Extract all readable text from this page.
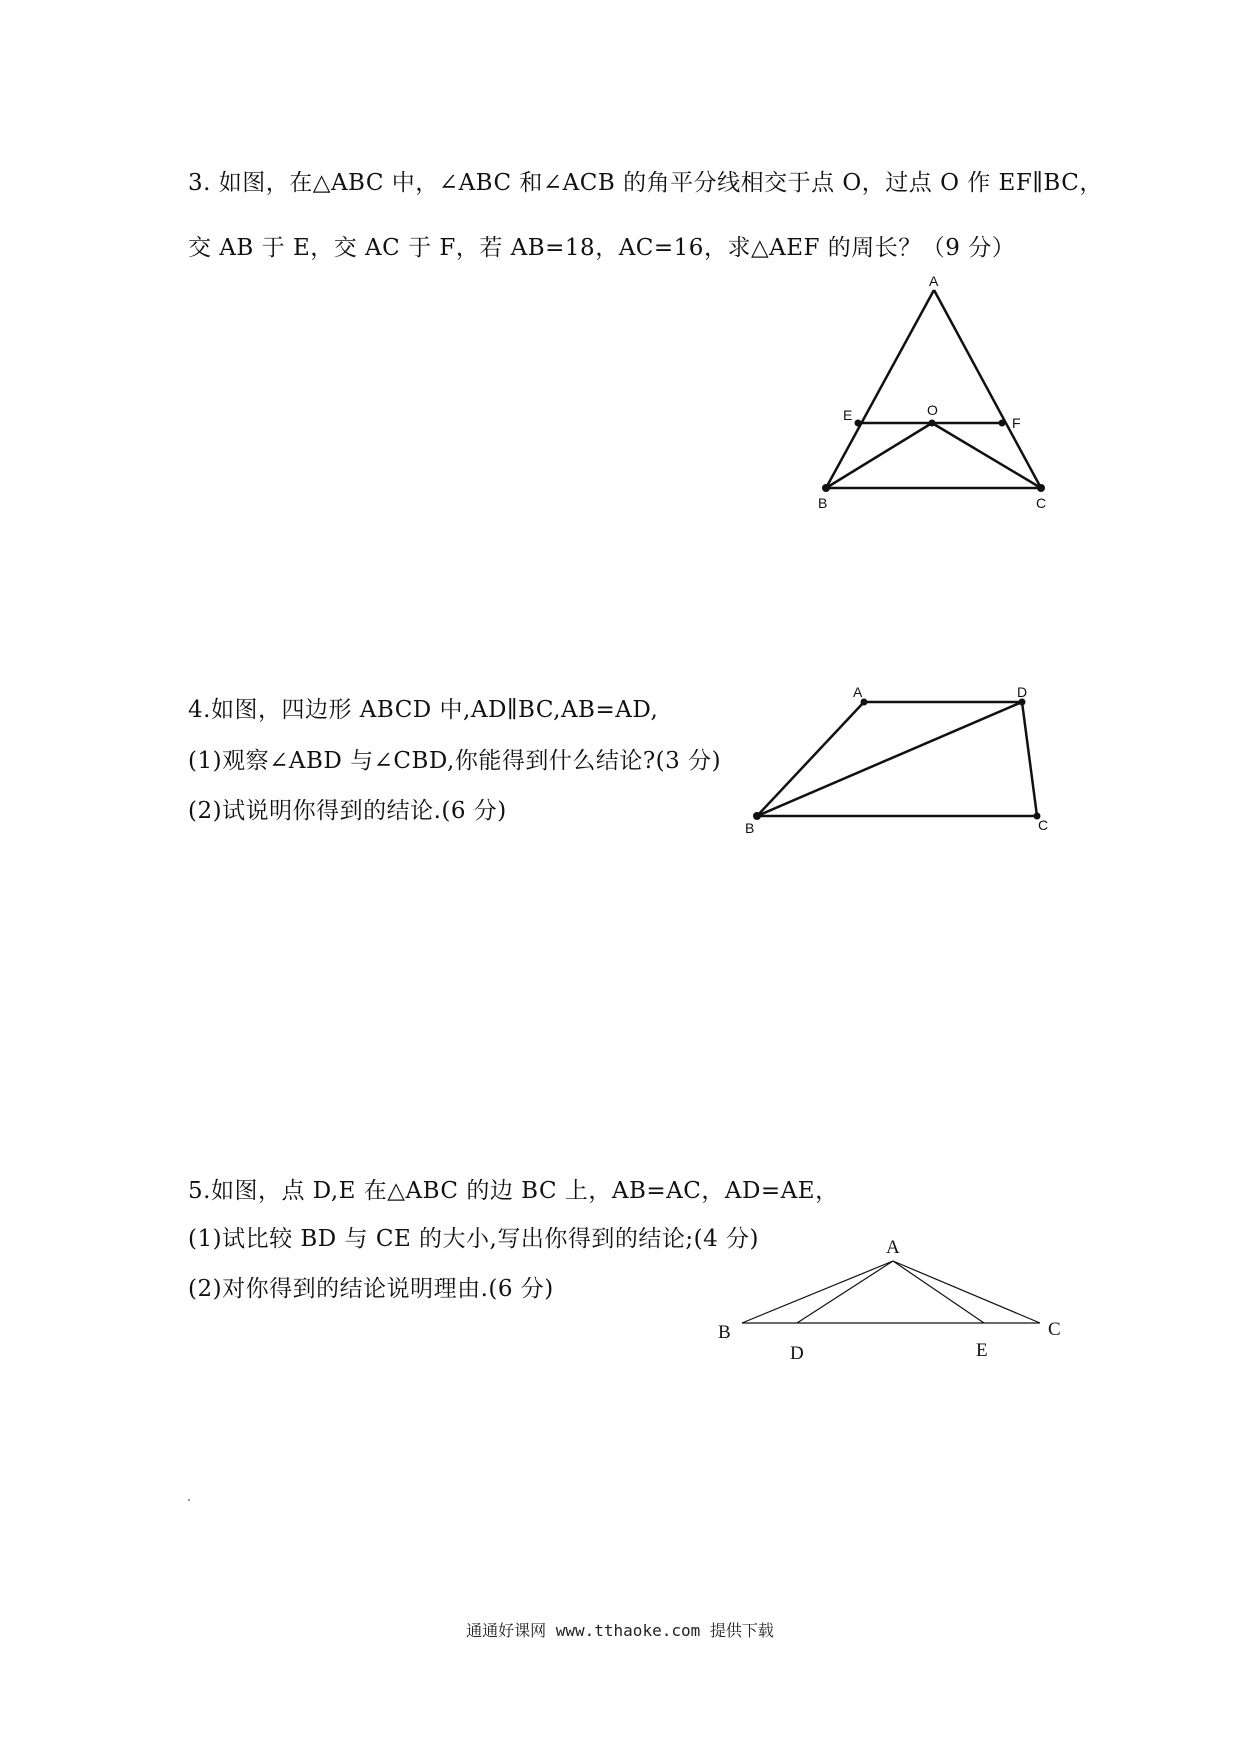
3. 如图，在△ABC 中，∠ABC 和∠ACB 的角平分线相交于点 O，过点 O 作 EF∥BC，
交 AB 于 E，交 AC 于 F，若 AB=18，AC=16，求△AEF 的周长？（9 分）
A
E	O
F
B	C
4.如图，四边形 ABCD 中,AD∥BC,AB=AD,
(1)观察∠ABD 与∠CBD,你能得到什么结论?(3 分)
(2)试说明你得到的结论.(6 分)
A	D
B	C
5.如图，点 D,E 在△ABC 的边 BC 上，AB=AC，AD=AE，
(1)试比较 BD 与 CE 的大小,写出你得到的结论;(4 分)
(2)对你得到的结论说明理由.(6 分)
A
B
D	E
C
通通好课网 www.tthaoke.com 提供下载
